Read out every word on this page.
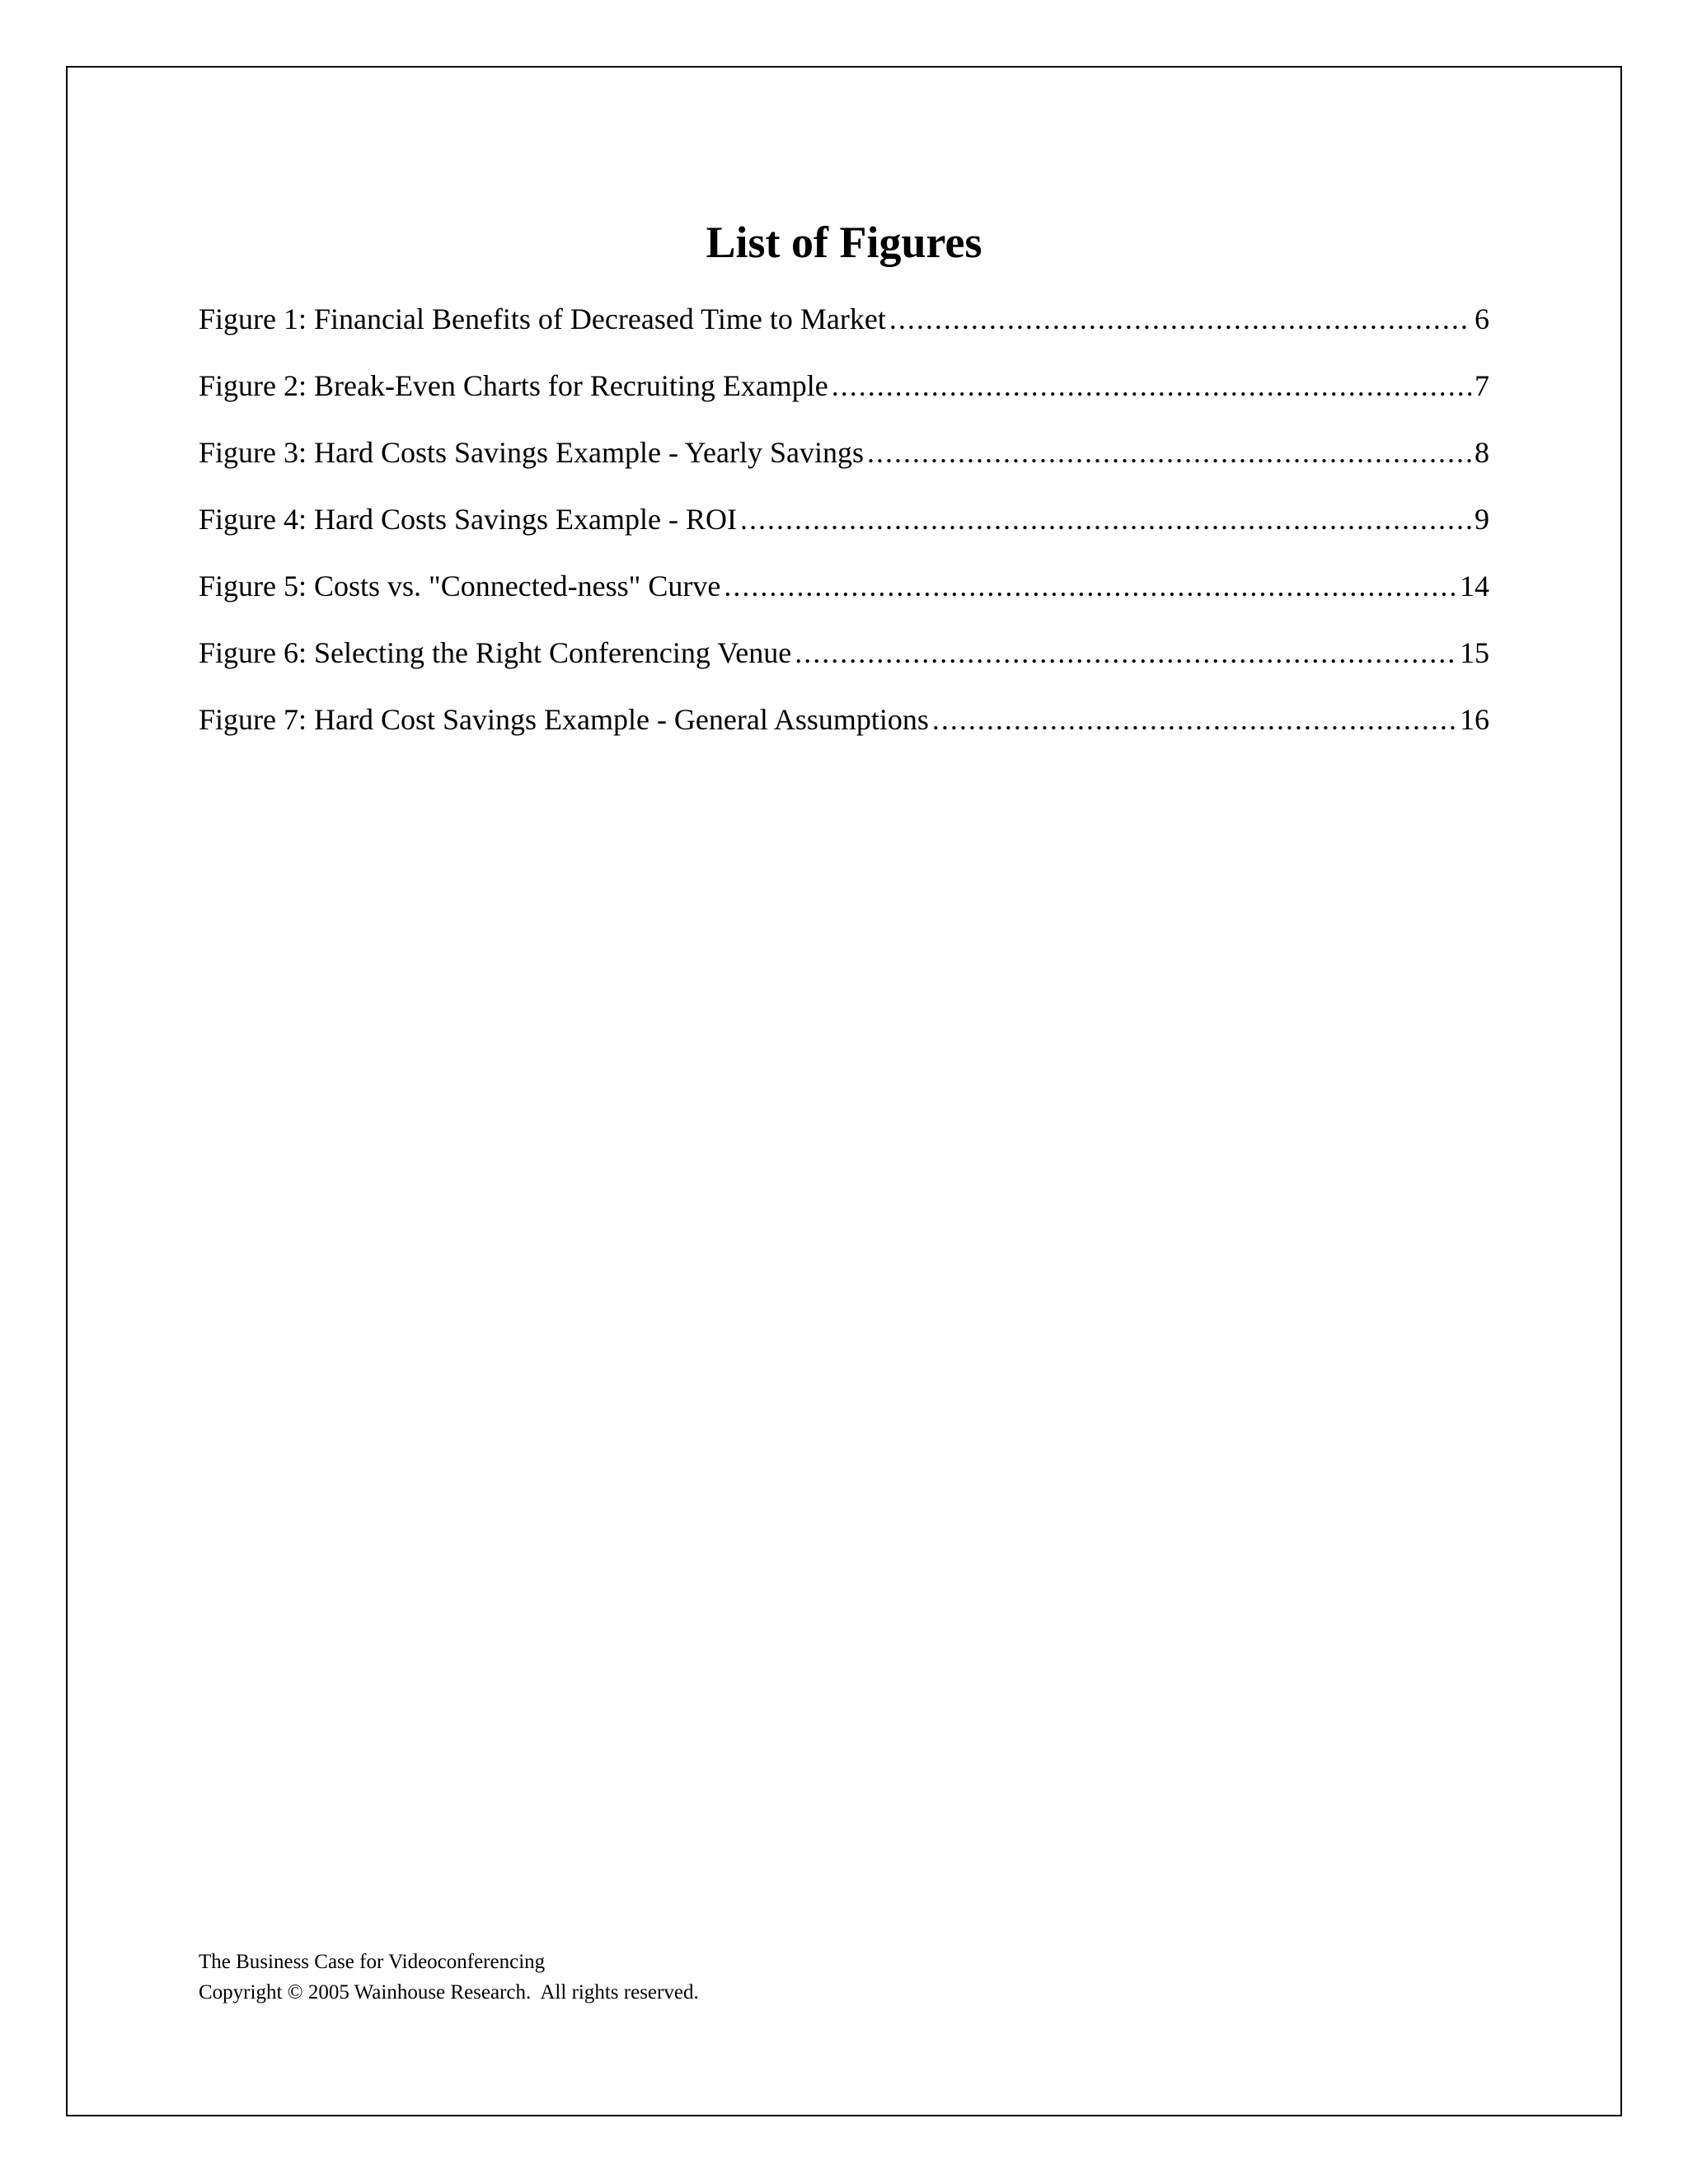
List of Figures
Figure 1: Financial Benefits of Decreased Time to Market .....	6
Figure 2: Break-Even Charts for Recruiting Example .....	7
Figure 3: Hard Costs Savings Example - Yearly Savings .....	8
Figure 4: Hard Costs Savings Example - ROI .....	9
Figure 5: Costs vs. "Connected-ness" Curve .....	14
Figure 6: Selecting the Right Conferencing Venue .....	15
Figure 7: Hard Cost Savings Example - General Assumptions .....	16
The Business Case for Videoconferencing
Copyright © 2005 Wainhouse Research.  All rights reserved.
